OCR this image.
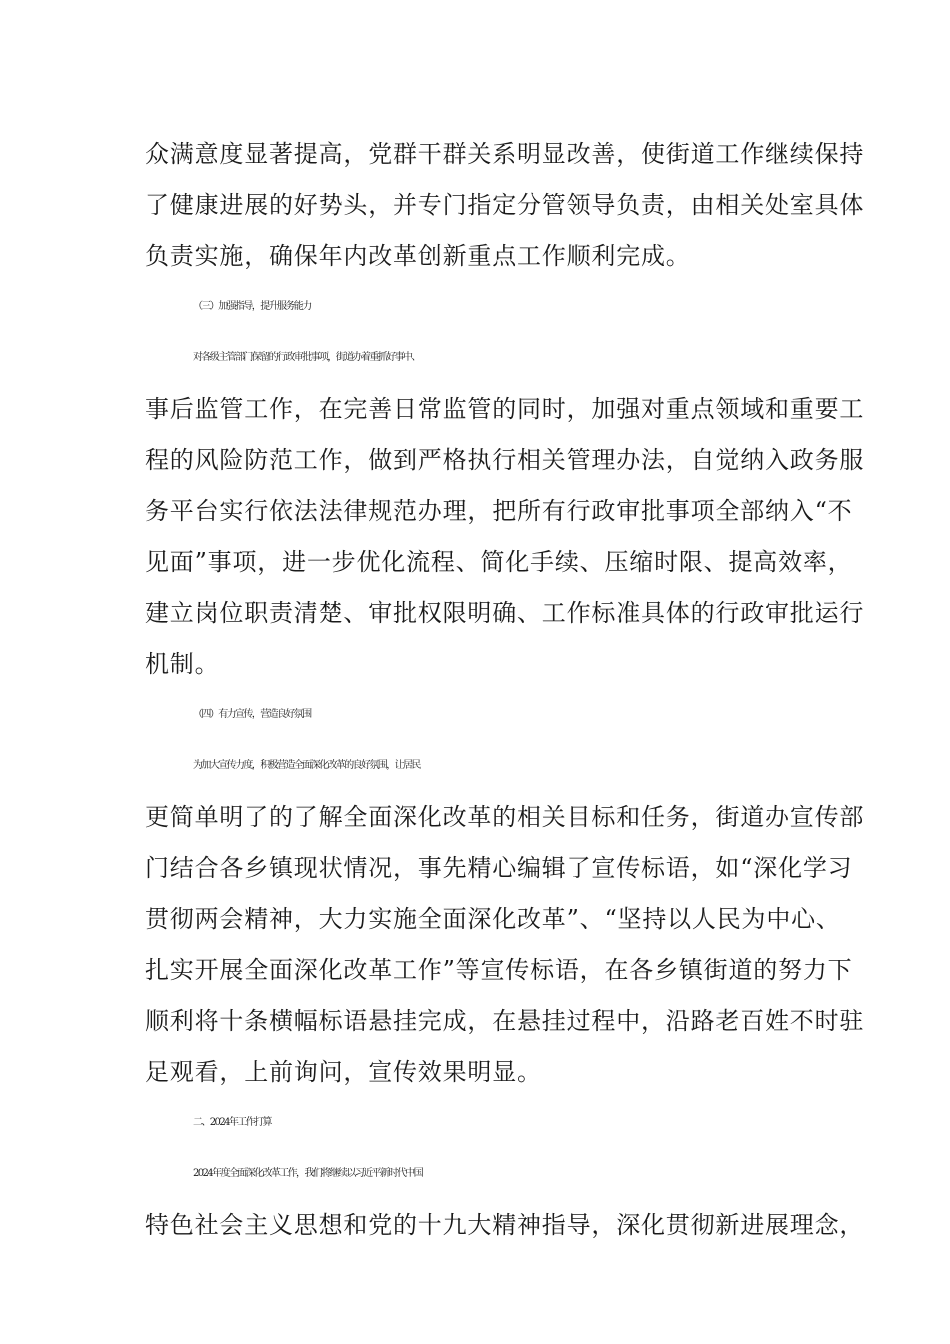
众满意度显著提高，党群干群关系明显改善，使街道工作继续保持
了健康进展的好势头，并专门指定分管领导负责，由相关处室具体
负责实施，确保年内改革创新重点工作顺利完成。
（三）加强指导，提升服务能力
对各级主管部门保留的行政审批事项，街道办着重抓好事中、
事后监管工作，在完善日常监管的同时，加强对重点领域和重要工
程的风险防范工作，做到严格执行相关管理办法，自觉纳入政务服
务平台实行依法法律规范办理，把所有行政审批事项全部纳入“不
见面”事项，进一步优化流程、简化手续、压缩时限、提高效率，
建立岗位职责清楚、审批权限明确、工作标准具体的行政审批运行
机制。
（四）有力宣传，营造良好氛围
为加大宣传力度，积极营造全面深化改革的良好氛围，让居民
更简单明了的了解全面深化改革的相关目标和任务，街道办宣传部
门结合各乡镇现状情况，事先精心编辑了宣传标语，如“深化学习
贯彻两会精神，大力实施全面深化改革”、“坚持以人民为中心、
扎实开展全面深化改革工作”等宣传标语，在各乡镇街道的努力下
顺利将十条横幅标语悬挂完成，在悬挂过程中，沿路老百姓不时驻
足观看，上前询问，宣传效果明显。
二、2024年工作打算
2024年度全面深化改革工作，我们将继续以习近平新时代中国
特色社会主义思想和党的十九大精神指导，深化贯彻新进展理念，
